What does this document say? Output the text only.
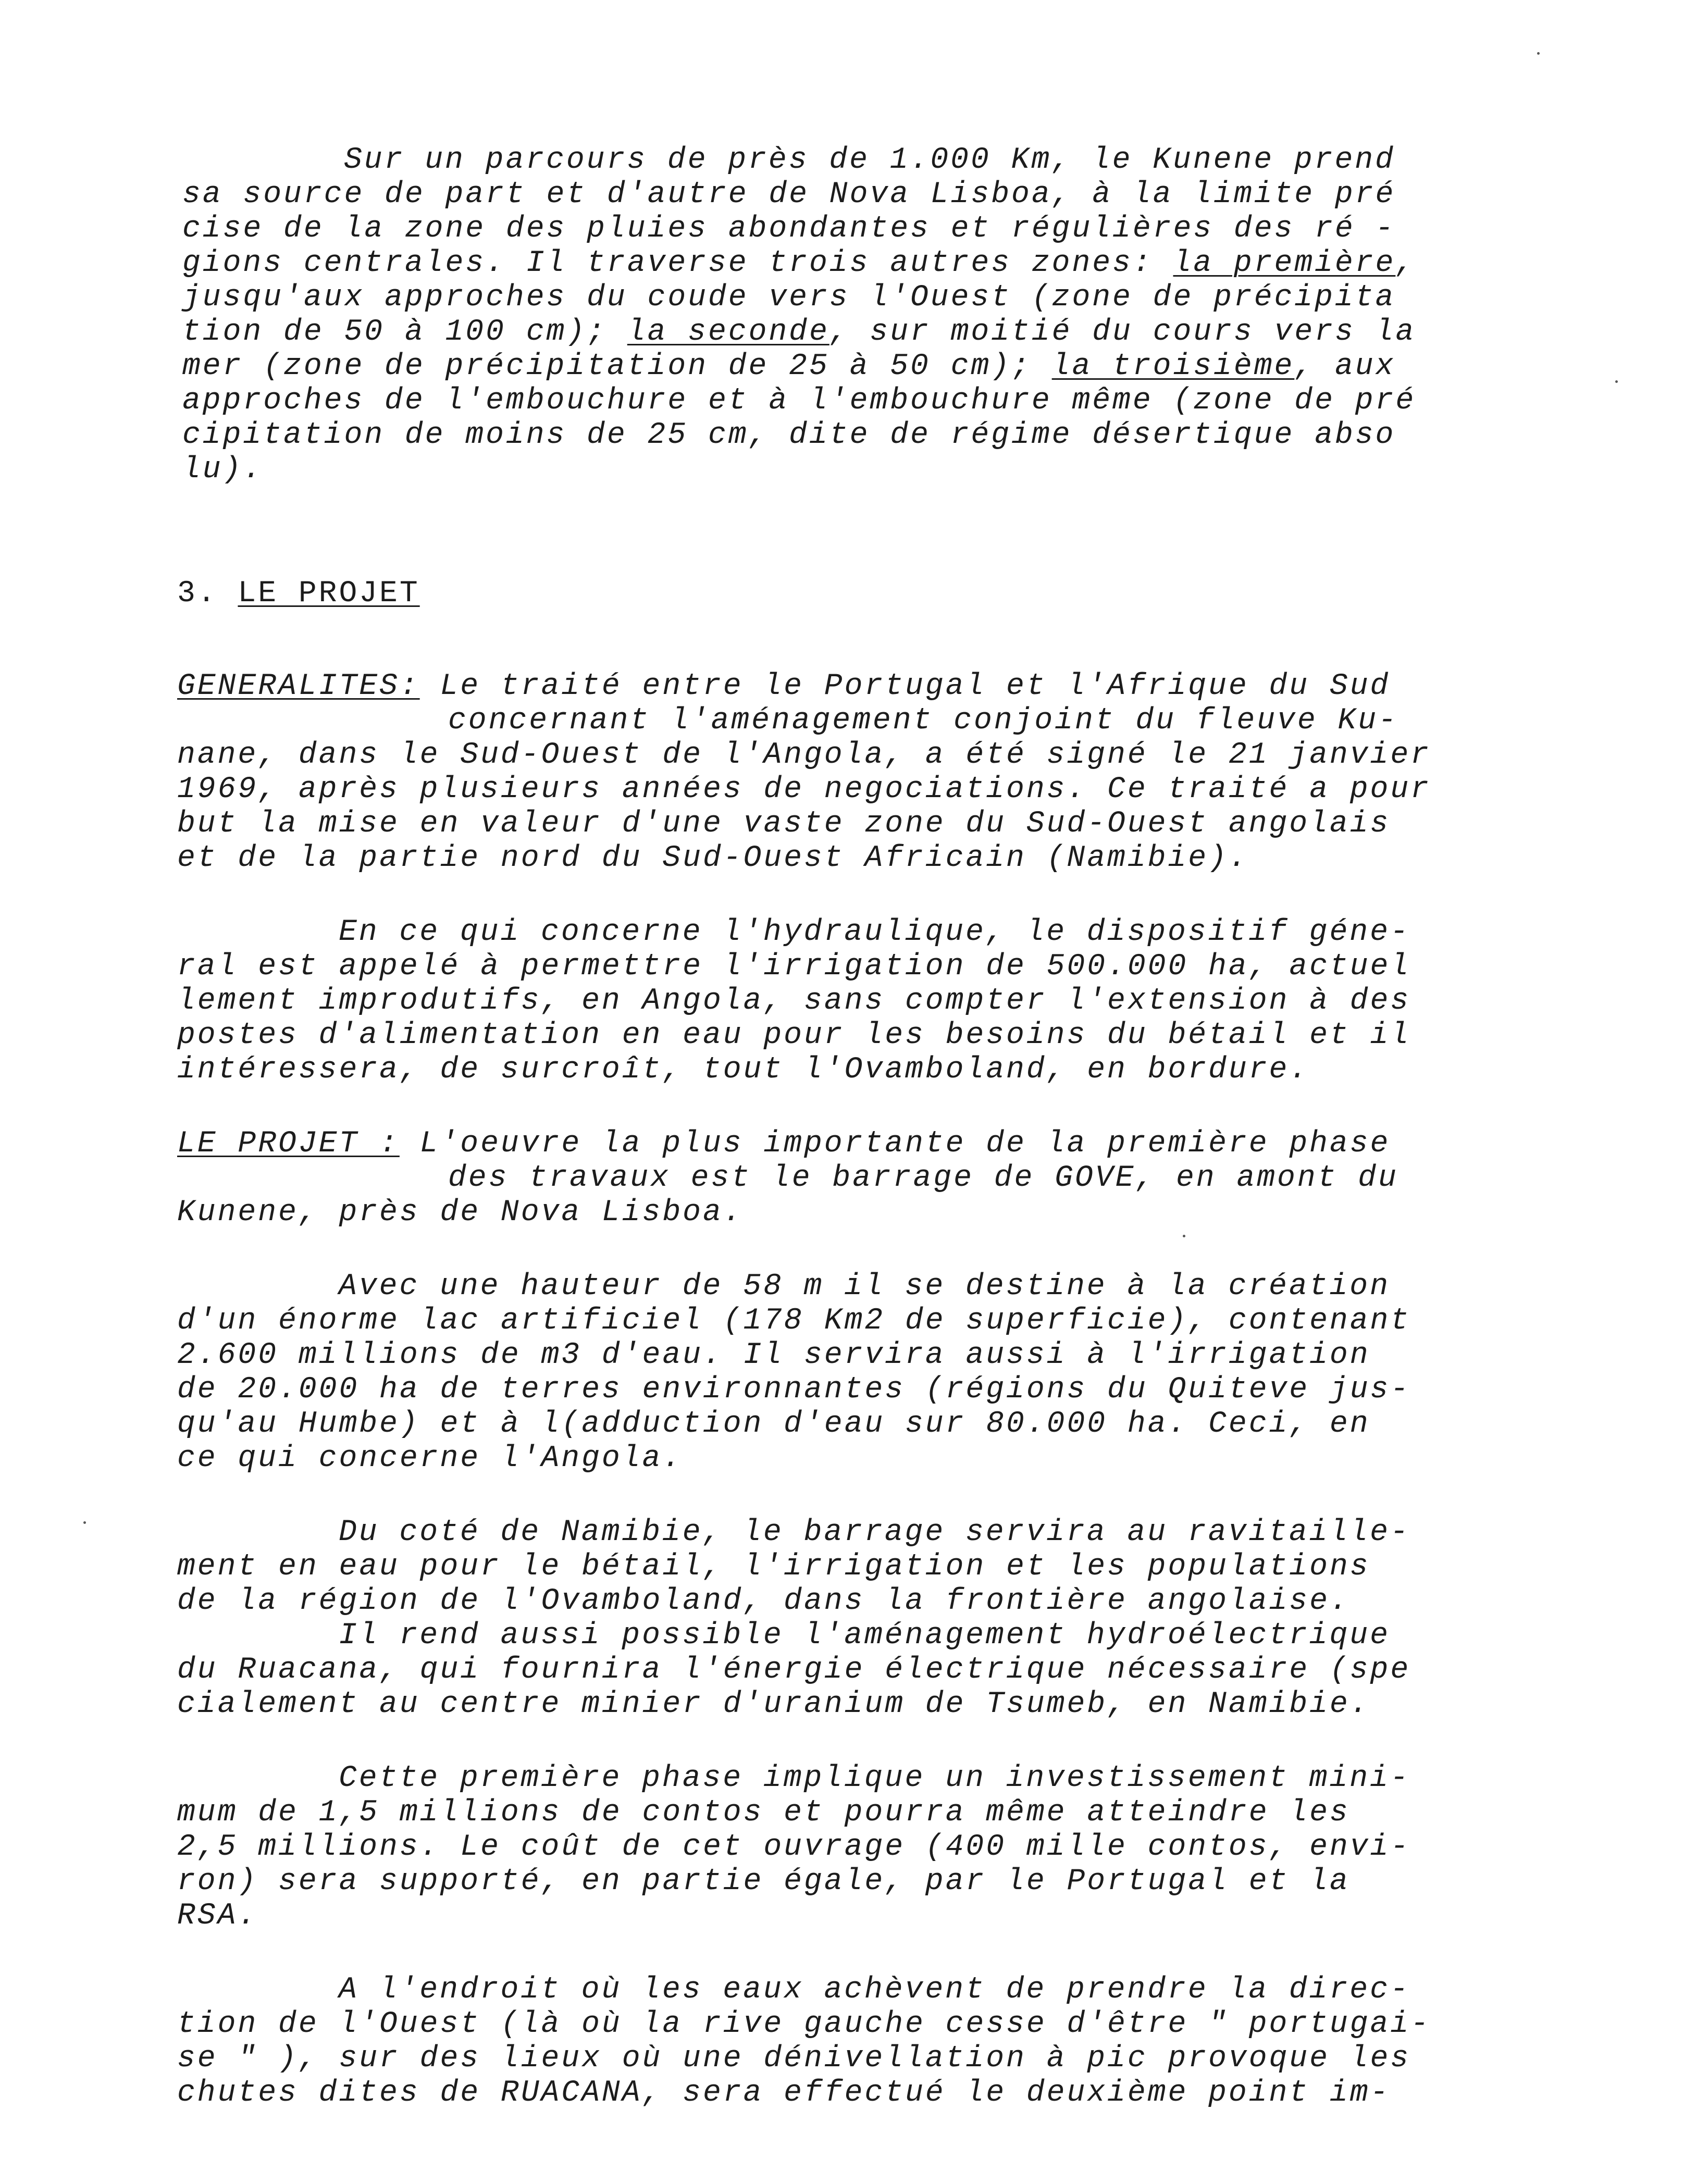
Sur un parcours de près de 1.000 Km, le Kunene prend
sa source de part et d'autre de Nova Lisboa, à la limite pré
cise de la zone des pluies abondantes et régulières des ré -
gions centrales. Il traverse trois autres zones: la première,
jusqu'aux approches du coude vers l'Ouest (zone de précipita
tion de 50 à 100 cm); la seconde, sur moitié du cours vers la
mer (zone de précipitation de 25 à 50 cm); la troisième, aux
approches de l'embouchure et à l'embouchure même (zone de pré
cipitation de moins de 25 cm, dite de régime désertique abso
lu).
3. LE PROJET
GENERALITES: Le traité entre le Portugal et l'Afrique du Sud
concernant l'aménagement conjoint du fleuve Ku-
nane, dans le Sud-Ouest de l'Angola, a été signé le 21 janvier
1969, après plusieurs années de negociations. Ce traité a pour
but la mise en valeur d'une vaste zone du Sud-Ouest angolais
et de la partie nord du Sud-Ouest Africain (Namibie).
En ce qui concerne l'hydraulique, le dispositif géne-
ral est appelé à permettre l'irrigation de 500.000 ha, actuel
lement improdutifs, en Angola, sans compter l'extension à des
postes d'alimentation en eau pour les besoins du bétail et il
intéressera, de surcroît, tout l'Ovamboland, en bordure.
LE PROJET : L'oeuvre la plus importante de la première phase
des travaux est le barrage de GOVE, en amont du
Kunene, près de Nova Lisboa.
Avec une hauteur de 58 m il se destine à la création
d'un énorme lac artificiel (178 Km2 de superficie), contenant
2.600 millions de m3 d'eau. Il servira aussi à l'irrigation
de 20.000 ha de terres environnantes (régions du Quiteve jus-
qu'au Humbe) et à l(adduction d'eau sur 80.000 ha. Ceci, en
ce qui concerne l'Angola.
Du coté de Namibie, le barrage servira au ravitaille-
ment en eau pour le bétail, l'irrigation et les populations
de la région de l'Ovamboland, dans la frontière angolaise.
Il rend aussi possible l'aménagement hydroélectrique
du Ruacana, qui fournira l'énergie électrique nécessaire (spe
cialement au centre minier d'uranium de Tsumeb, en Namibie.
Cette première phase implique un investissement mini-
mum de 1,5 millions de contos et pourra même atteindre les
2,5 millions. Le coût de cet ouvrage (400 mille contos, envi-
ron) sera supporté, en partie égale, par le Portugal et la
RSA.
A l'endroit où les eaux achèvent de prendre la direc-
tion de l'Ouest (là où la rive gauche cesse d'être " portugai-
se " ), sur des lieux où une dénivellation à pic provoque les
chutes dites de RUACANA, sera effectué le deuxième point im-
